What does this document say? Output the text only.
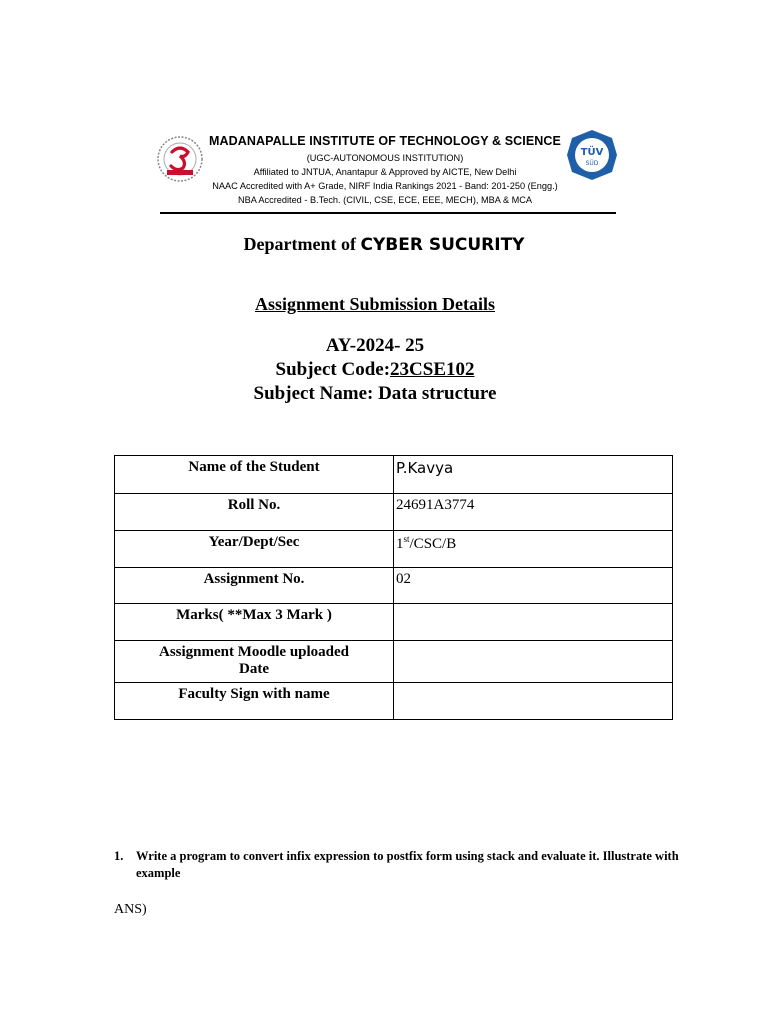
MADANAPALLE INSTITUTE OF TECHNOLOGY & SCIENCE
(UGC-AUTONOMOUS INSTITUTION)
Affiliated to JNTUA, Anantapur & Approved by AICTE, New Delhi
NAAC Accredited with A+ Grade, NIRF India Rankings 2021 - Band: 201-250 (Engg.)
NBA Accredited - B.Tech. (CIVIL, CSE, ECE, EEE, MECH), MBA & MCA
TÜV
SÜD
Department of CYBER SUCURITY
Assignment Submission Details
AY-2024- 25
Subject Code:23CSE102
Subject Name: Data structure
Name of the Student	P.Kavya
Roll No.	24691A3774
Year/Dept/Sec	1st/CSC/B
Assignment No.	02
Marks( **Max 3 Mark )	

Assignment Moodle uploaded
Date	

Faculty Sign with name	
1. Write a program to convert infix expression to postfix form using stack and evaluate it. Illustrate with example
ANS)
